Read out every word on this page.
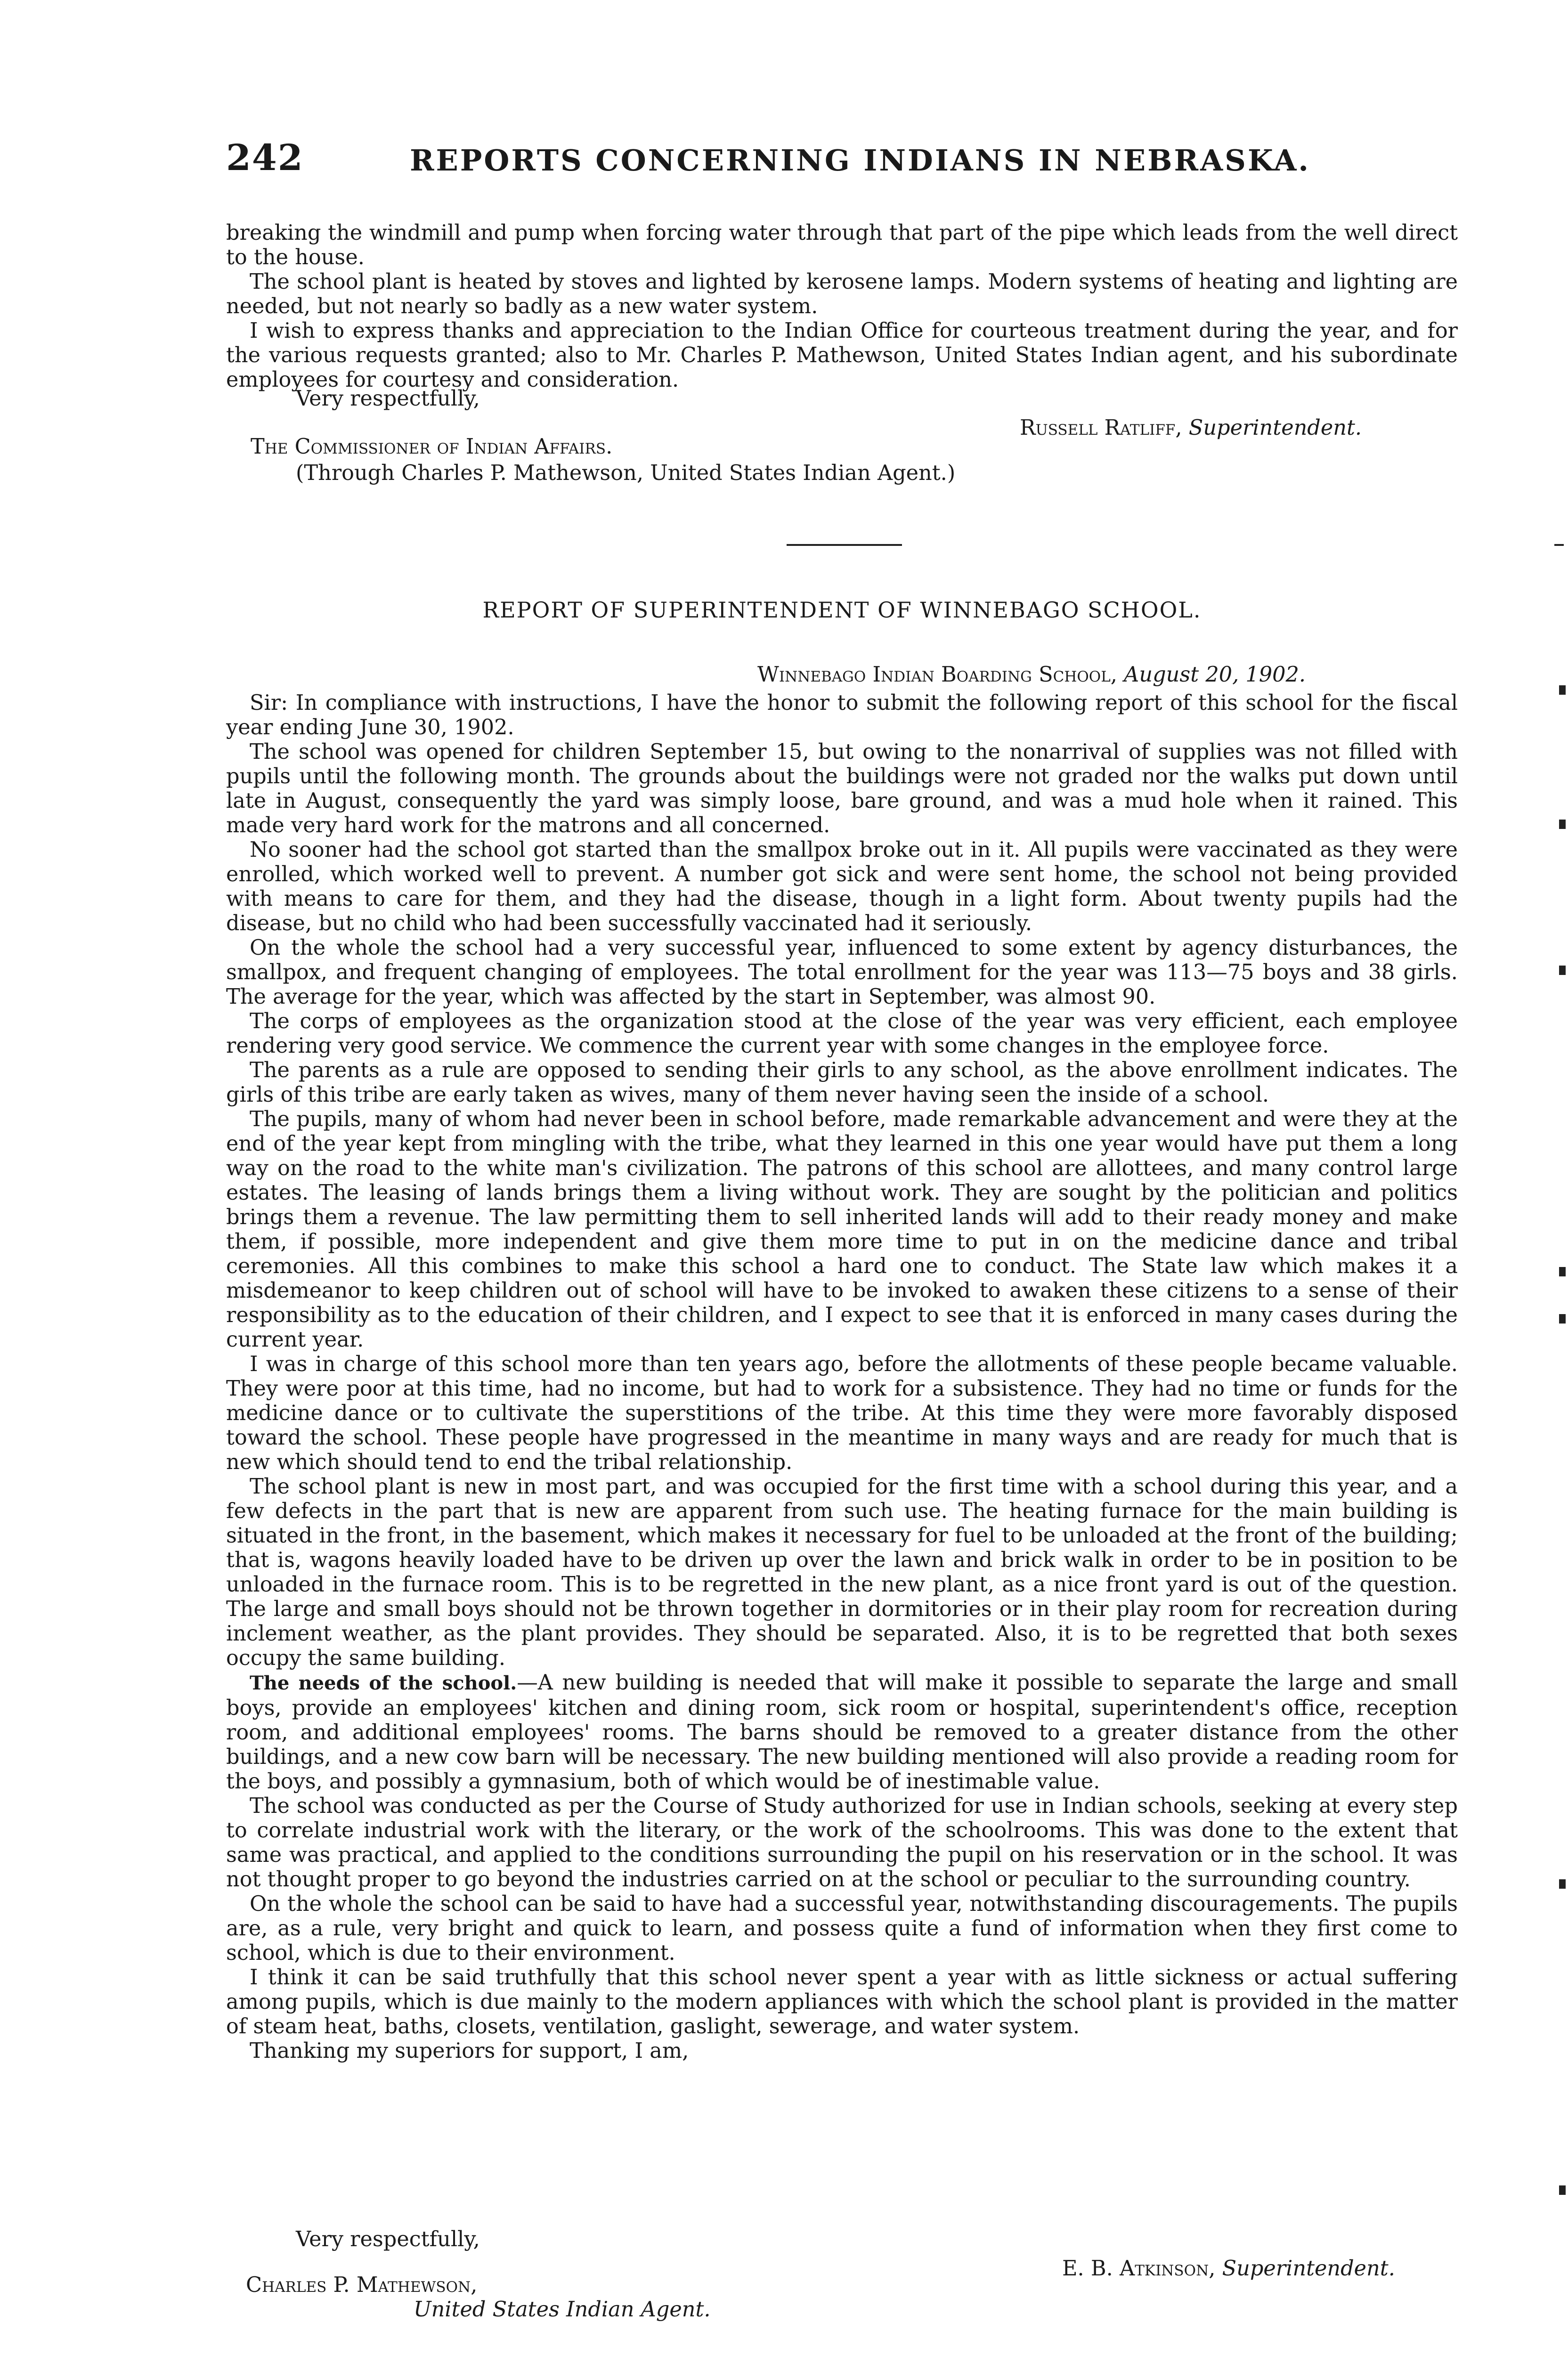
242	REPORTS CONCERNING INDIANS IN NEBRASKA.

breaking the windmill and pump when forcing water through that part of the pipe which leads from the well direct to the house.

The school plant is heated by stoves and lighted by kerosene lamps. Modern systems of heating and lighting are needed, but not nearly so badly as a new water system.

I wish to express thanks and appreciation to the Indian Office for courteous treatment during the year, and for the various requests granted; also to Mr. Charles P. Mathewson, United States Indian agent, and his subordinate employees for courtesy and consideration.

Very respectfully,
Russell Ratliff, Superintendent.
The Commissioner of Indian Affairs.
(Through Charles P. Mathewson, United States Indian Agent.)
REPORT OF SUPERINTENDENT OF WINNEBAGO SCHOOL.
Winnebago Indian Boarding School, August 20, 1902.

Sir: In compliance with instructions, I have the honor to submit the following report of this school for the fiscal year ending June 30, 1902.

The school was opened for children September 15, but owing to the nonarrival of supplies was not filled with pupils until the following month. The grounds about the buildings were not graded nor the walks put down until late in August, consequently the yard was simply loose, bare ground, and was a mud hole when it rained. This made very hard work for the matrons and all concerned.

No sooner had the school got started than the smallpox broke out in it. All pupils were vaccinated as they were enrolled, which worked well to prevent. A number got sick and were sent home, the school not being provided with means to care for them, and they had the disease, though in a light form. About twenty pupils had the disease, but no child who had been successfully vaccinated had it seriously.

On the whole the school had a very successful year, influenced to some extent by agency disturbances, the smallpox, and frequent changing of employees. The total enrollment for the year was 113—75 boys and 38 girls. The average for the year, which was affected by the start in September, was almost 90.

The corps of employees as the organization stood at the close of the year was very efficient, each employee rendering very good service. We commence the current year with some changes in the employee force.

The parents as a rule are opposed to sending their girls to any school, as the above enrollment indicates. The girls of this tribe are early taken as wives, many of them never having seen the inside of a school.

The pupils, many of whom had never been in school before, made remarkable advancement and were they at the end of the year kept from mingling with the tribe, what they learned in this one year would have put them a long way on the road to the white man's civilization. The patrons of this school are allottees, and many control large estates. The leasing of lands brings them a living without work. They are sought by the politician and politics brings them a revenue. The law permitting them to sell inherited lands will add to their ready money and make them, if possible, more independent and give them more time to put in on the medicine dance and tribal ceremonies. All this combines to make this school a hard one to conduct. The State law which makes it a misdemeanor to keep children out of school will have to be invoked to awaken these citizens to a sense of their responsibility as to the education of their children, and I expect to see that it is enforced in many cases during the current year.

I was in charge of this school more than ten years ago, before the allotments of these people became valuable. They were poor at this time, had no income, but had to work for a subsistence. They had no time or funds for the medicine dance or to cultivate the superstitions of the tribe. At this time they were more favorably disposed toward the school. These people have progressed in the meantime in many ways and are ready for much that is new which should tend to end the tribal relationship.

The school plant is new in most part, and was occupied for the first time with a school during this year, and a few defects in the part that is new are apparent from such use. The heating furnace for the main building is situated in the front, in the basement, which makes it necessary for fuel to be unloaded at the front of the building; that is, wagons heavily loaded have to be driven up over the lawn and brick walk in order to be in position to be unloaded in the furnace room. This is to be regretted in the new plant, as a nice front yard is out of the question. The large and small boys should not be thrown together in dormitories or in their play room for recreation during inclement weather, as the plant provides. They should be separated. Also, it is to be regretted that both sexes occupy the same building.

The needs of the school.—A new building is needed that will make it possible to separate the large and small boys, provide an employees' kitchen and dining room, sick room or hospital, superintendent's office, reception room, and additional employees' rooms. The barns should be removed to a greater distance from the other buildings, and a new cow barn will be necessary. The new building mentioned will also provide a reading room for the boys, and possibly a gymnasium, both of which would be of inestimable value.

The school was conducted as per the Course of Study authorized for use in Indian schools, seeking at every step to correlate industrial work with the literary, or the work of the schoolrooms. This was done to the extent that same was practical, and applied to the conditions surrounding the pupil on his reservation or in the school. It was not thought proper to go beyond the industries carried on at the school or peculiar to the surrounding country.

On the whole the school can be said to have had a successful year, notwithstanding discouragements. The pupils are, as a rule, very bright and quick to learn, and possess quite a fund of information when they first come to school, which is due to their environment.

I think it can be said truthfully that this school never spent a year with as little sickness or actual suffering among pupils, which is due mainly to the modern appliances with which the school plant is provided in the matter of steam heat, baths, closets, ventilation, gaslight, sewerage, and water system.

Thanking my superiors for support, I am,

Very respectfully,
E. B. Atkinson, Superintendent.
Charles P. Mathewson,
United States Indian Agent.
